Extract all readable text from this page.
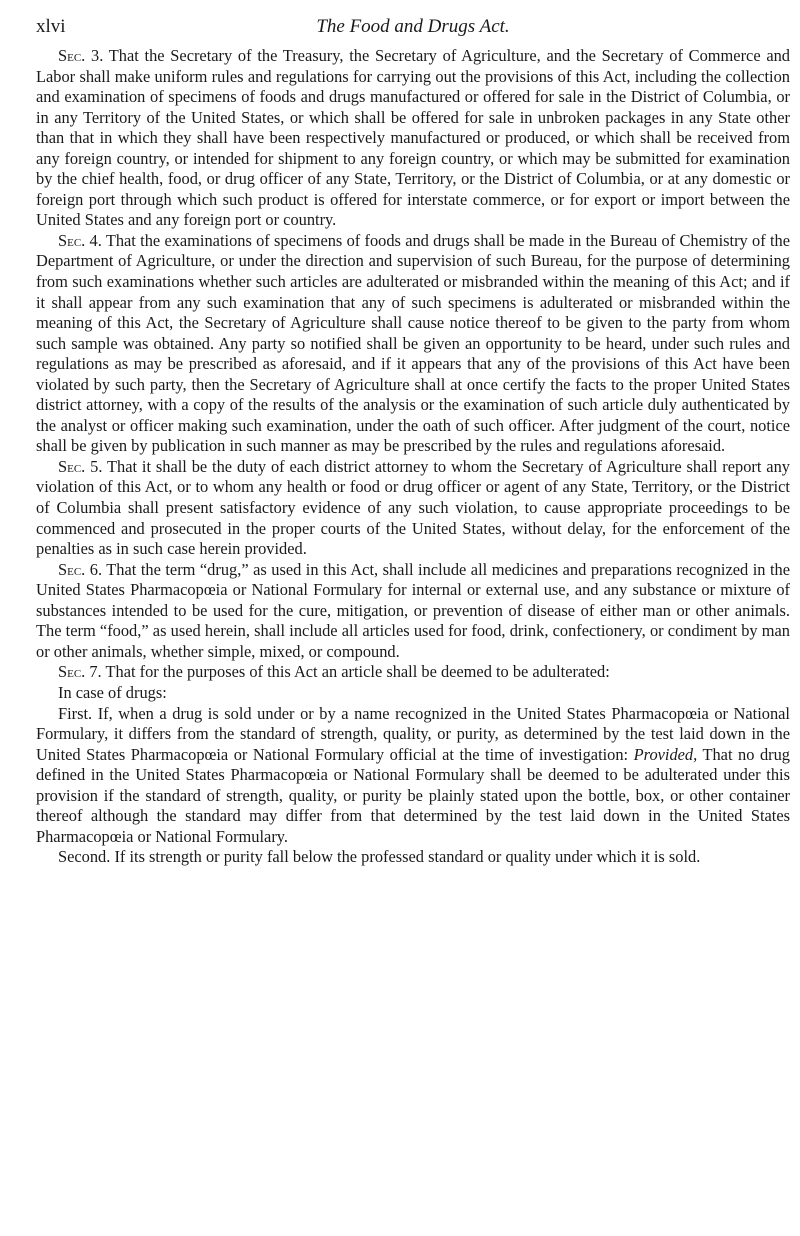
xlvi	The Food and Drugs Act.

Sec. 3. That the Secretary of the Treasury, the Secretary of Agriculture, and the Secretary of Commerce and Labor shall make uniform rules and regulations for carrying out the provisions of this Act, including the collection and examination of specimens of foods and drugs manufactured or offered for sale in the District of Columbia, or in any Territory of the United States, or which shall be offered for sale in unbroken packages in any State other than that in which they shall have been respectively manufactured or produced, or which shall be received from any foreign country, or intended for shipment to any foreign country, or which may be submitted for examination by the chief health, food, or drug officer of any State, Territory, or the District of Columbia, or at any domestic or foreign port through which such product is offered for interstate commerce, or for export or import between the United States and any foreign port or country.

Sec. 4. That the examinations of specimens of foods and drugs shall be made in the Bureau of Chemistry of the Department of Agriculture, or under the direction and supervision of such Bureau, for the purpose of determining from such examinations whether such articles are adulterated or misbranded within the meaning of this Act; and if it shall appear from any such examination that any of such specimens is adulterated or misbranded within the meaning of this Act, the Secretary of Agriculture shall cause notice thereof to be given to the party from whom such sample was obtained. Any party so notified shall be given an opportunity to be heard, under such rules and regulations as may be prescribed as aforesaid, and if it appears that any of the provisions of this Act have been violated by such party, then the Secretary of Agriculture shall at once certify the facts to the proper United States district attorney, with a copy of the results of the analysis or the examination of such article duly authenticated by the analyst or officer making such examination, under the oath of such officer. After judgment of the court, notice shall be given by publication in such manner as may be prescribed by the rules and regulations aforesaid.

Sec. 5. That it shall be the duty of each district attorney to whom the Secretary of Agriculture shall report any violation of this Act, or to whom any health or food or drug officer or agent of any State, Territory, or the District of Columbia shall present satisfactory evidence of any such violation, to cause appropriate proceedings to be commenced and prosecuted in the proper courts of the United States, without delay, for the enforcement of the penalties as in such case herein provided.

Sec. 6. That the term “drug,” as used in this Act, shall include all medicines and preparations recognized in the United States Pharmacopœia or National Formulary for internal or external use, and any substance or mixture of substances intended to be used for the cure, mitigation, or prevention of disease of either man or other animals. The term “food,” as used herein, shall include all articles used for food, drink, confectionery, or condiment by man or other animals, whether simple, mixed, or compound.

Sec. 7. That for the purposes of this Act an article shall be deemed to be adulterated:

In case of drugs:

First. If, when a drug is sold under or by a name recognized in the United States Pharmacopœia or National Formulary, it differs from the standard of strength, quality, or purity, as determined by the test laid down in the United States Pharmacopœia or National Formulary official at the time of investigation: Provided, That no drug defined in the United States Pharmacopœia or National Formulary shall be deemed to be adulterated under this provision if the standard of strength, quality, or purity be plainly stated upon the bottle, box, or other container thereof although the standard may differ from that determined by the test laid down in the United States Pharmacopœia or National Formulary.

Second. If its strength or purity fall below the professed standard or quality under which it is sold.
